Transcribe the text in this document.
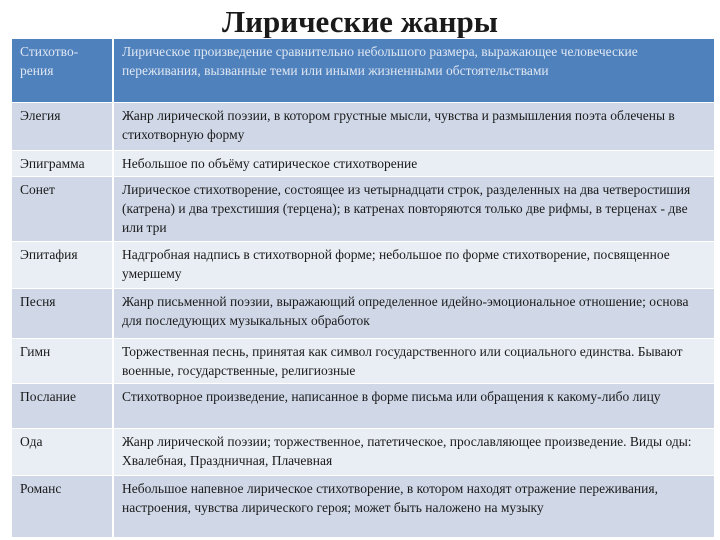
Лирические жанры
Стихотво-рения	Лирическое произведение сравнительно небольшого размера, выражающее человеческие переживания, вызванные теми или иными жизненными обстоятельствами
Элегия	Жанр лирической поэзии, в котором грустные мысли, чувства и размышления поэта облечены в стихотворную форму
Эпиграмма	Небольшое по объёму сатирическое стихотворение
Сонет	Лирическое стихотворение, состоящее из четырнадцати строк, разделенных на два четверостишия (катрена) и два трехстишия (терцена); в катренах повторяются только две рифмы, в терценах - две или три
Эпитафия	Надгробная надпись в стихотворной форме; небольшое по форме стихотворение, посвященное умершему
Песня	Жанр письменной поэзии, выражающий определенное идейно-эмоциональное отношение; основа для последующих музыкальных обработок
Гимн	Торжественная песнь, принятая как символ государственного или социального единства. Бывают военные, государственные, религиозные
Послание	Стихотворное произведение, написанное в форме письма или обращения к какому-либо лицу
Ода	Жанр лирической поэзии; торжественное, патетическое, прославляющее произведение. Виды оды: Хвалебная, Праздничная, Плачевная
Романс	Небольшое напевное лирическое стихотворение, в котором находят отражение переживания, настроения, чувства лирического героя; может быть наложено на музыку
